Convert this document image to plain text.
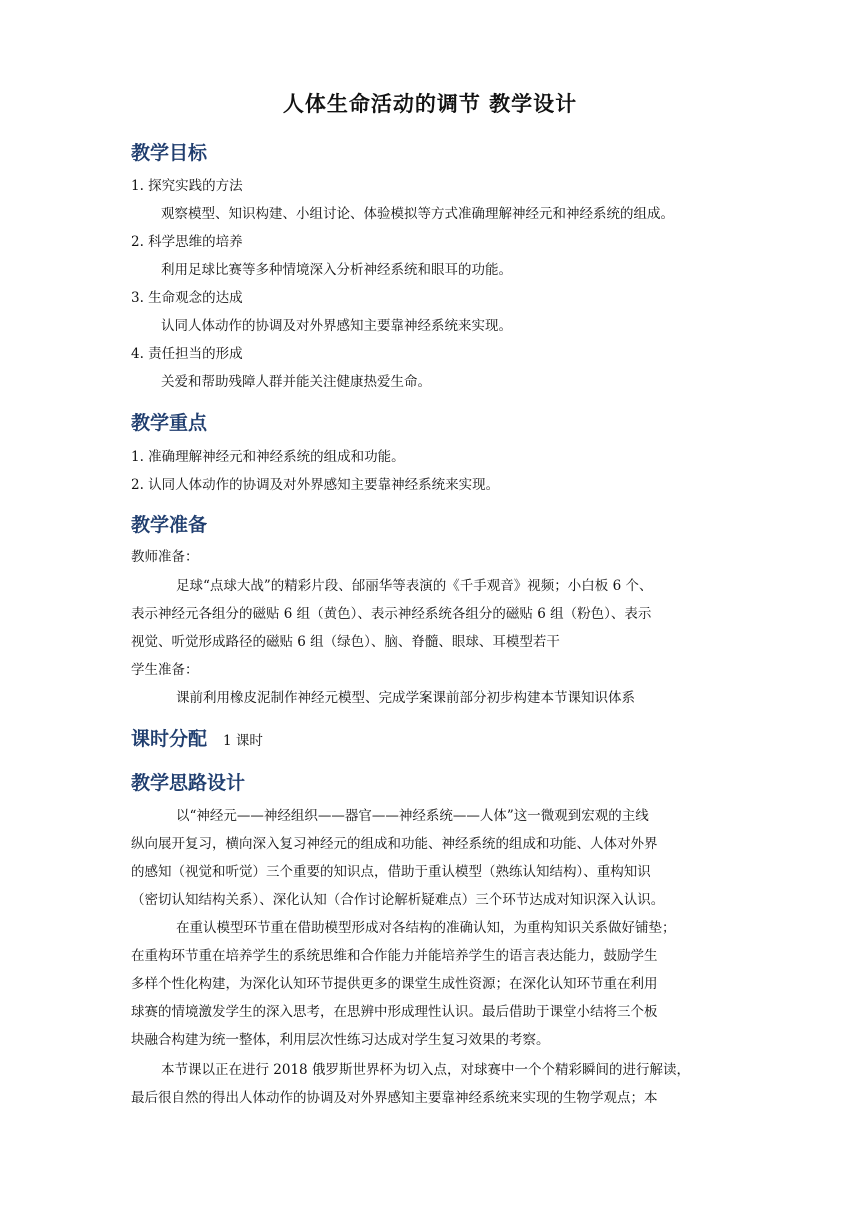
人体生命活动的调节 教学设计
教学目标
1. 探究实践的方法
观察模型、知识构建、小组讨论、体验模拟等方式准确理解神经元和神经系统的组成。
2. 科学思维的培养
利用足球比赛等多种情境深入分析神经系统和眼耳的功能。
3. 生命观念的达成
认同人体动作的协调及对外界感知主要靠神经系统来实现。
4. 责任担当的形成
关爱和帮助残障人群并能关注健康热爱生命。
教学重点
1. 准确理解神经元和神经系统的组成和功能。
2. 认同人体动作的协调及对外界感知主要靠神经系统来实现。
教学准备
教师准备：
足球“点球大战”的精彩片段、邰丽华等表演的《千手观音》视频；小白板 6 个、
表示神经元各组分的磁贴 6 组（黄色）、表示神经系统各组分的磁贴 6 组（粉色）、表示
视觉、听觉形成路径的磁贴 6 组（绿色）、脑、脊髓、眼球、耳模型若干
学生准备：
课前利用橡皮泥制作神经元模型、完成学案课前部分初步构建本节课知识体系
课时分配 1 课时
教学思路设计
以“神经元——神经组织——器官——神经系统——人体”这一微观到宏观的主线
纵向展开复习，横向深入复习神经元的组成和功能、神经系统的组成和功能、人体对外界
的感知（视觉和听觉）三个重要的知识点，借助于重认模型（熟练认知结构）、重构知识
（密切认知结构关系）、深化认知（合作讨论解析疑难点）三个环节达成对知识深入认识。
在重认模型环节重在借助模型形成对各结构的准确认知，为重构知识关系做好铺垫；
在重构环节重在培养学生的系统思维和合作能力并能培养学生的语言表达能力，鼓励学生
多样个性化构建，为深化认知环节提供更多的课堂生成性资源；在深化认知环节重在利用
球赛的情境激发学生的深入思考，在思辨中形成理性认识。最后借助于课堂小结将三个板
块融合构建为统一整体，利用层次性练习达成对学生复习效果的考察。
本节课以正在进行 2018 俄罗斯世界杯为切入点，对球赛中一个个精彩瞬间的进行解读，
最后很自然的得出人体动作的协调及对外界感知主要靠神经系统来实现的生物学观点；本
